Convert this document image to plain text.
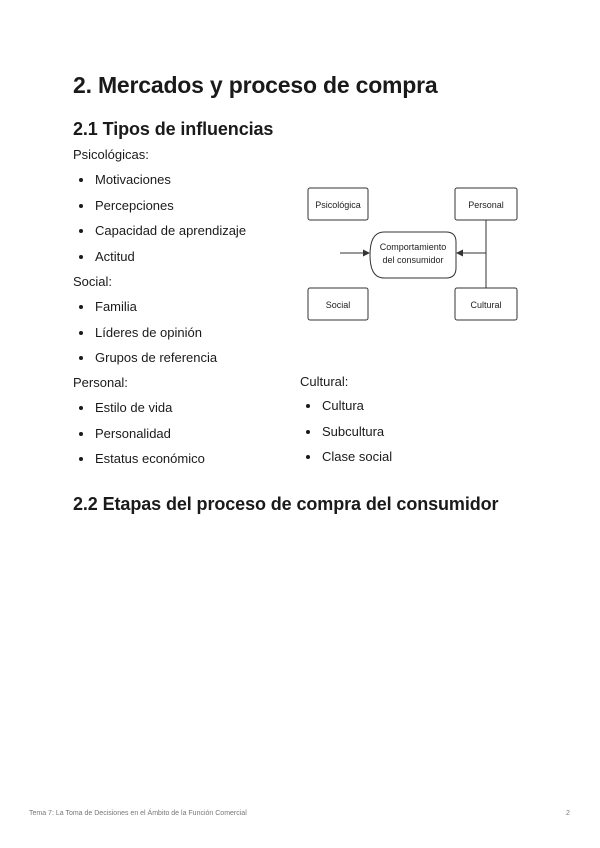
2. Mercados y proceso de compra
2.1 Tipos de influencias

Psicológicas:

Motivaciones
Percepciones
Capacidad de aprendizaje
Actitud

Social:

Familia
Líderes de opinión
Grupos de referencia

Personal:

Estilo de vida
Personalidad
Estatus económico

Cultural:

Cultura
Subcultura
Clase social
Psicológica	Personal
Social	Cultural
Comportamiento
del consumidor
2.2 Etapas del proceso de compra del consumidor
Tema 7: La Toma de Decisiones en el Ámbito de la Función Comercial	2
